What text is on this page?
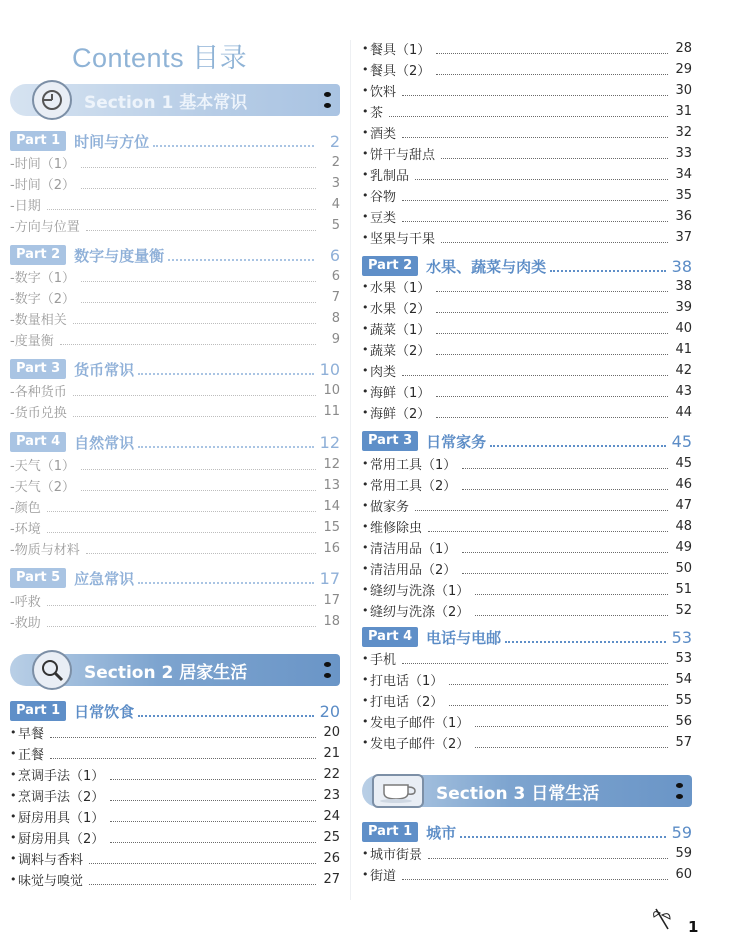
Contents 目录
Section 1 基本常识
Part 1 时间与方位	2
-时间（1）	2
-时间（2）	3
-日期	4
-方向与位置	5
Part 2 数字与度量衡	6
-数字（1）	6
-数字（2）	7
-数量相关	8
-度量衡	9
Part 3 货币常识	10
-各种货币	10
-货币兑换	11
Part 4 自然常识	12
-天气（1）	12
-天气（2）	13
-颜色	14
-环境	15
-物质与材料	16
Part 5 应急常识	17
-呼救	17
-救助	18
Section 2 居家生活
Part 1 日常饮食	20
• 早餐	20
• 正餐	21
• 烹调手法（1）	22
• 烹调手法（2）	23
• 厨房用具（1）	24
• 厨房用具（2）	25
• 调料与香料	26
• 味觉与嗅觉	27
• 餐具（1）	28
• 餐具（2）	29
• 饮料	30
• 茶	31
• 酒类	32
• 饼干与甜点	33
• 乳制品	34
• 谷物	35
• 豆类	36
• 坚果与干果	37
Part 2 水果、蔬菜与肉类	38
• 水果（1）	38
• 水果（2）	39
• 蔬菜（1）	40
• 蔬菜（2）	41
• 肉类	42
• 海鲜（1）	43
• 海鲜（2）	44
Part 3 日常家务	45
• 常用工具（1）	45
• 常用工具（2）	46
• 做家务	47
• 维修除虫	48
• 清洁用品（1）	49
• 清洁用品（2）	50
• 缝纫与洗涤（1）	51
• 缝纫与洗涤（2）	52
Part 4 电话与电邮	53
• 手机	53
• 打电话（1）	54
• 打电话（2）	55
• 发电子邮件（1）	56
• 发电子邮件（2）	57
Section 3 日常生活
Part 1 城市	59
• 城市街景	59
• 街道	60
1
